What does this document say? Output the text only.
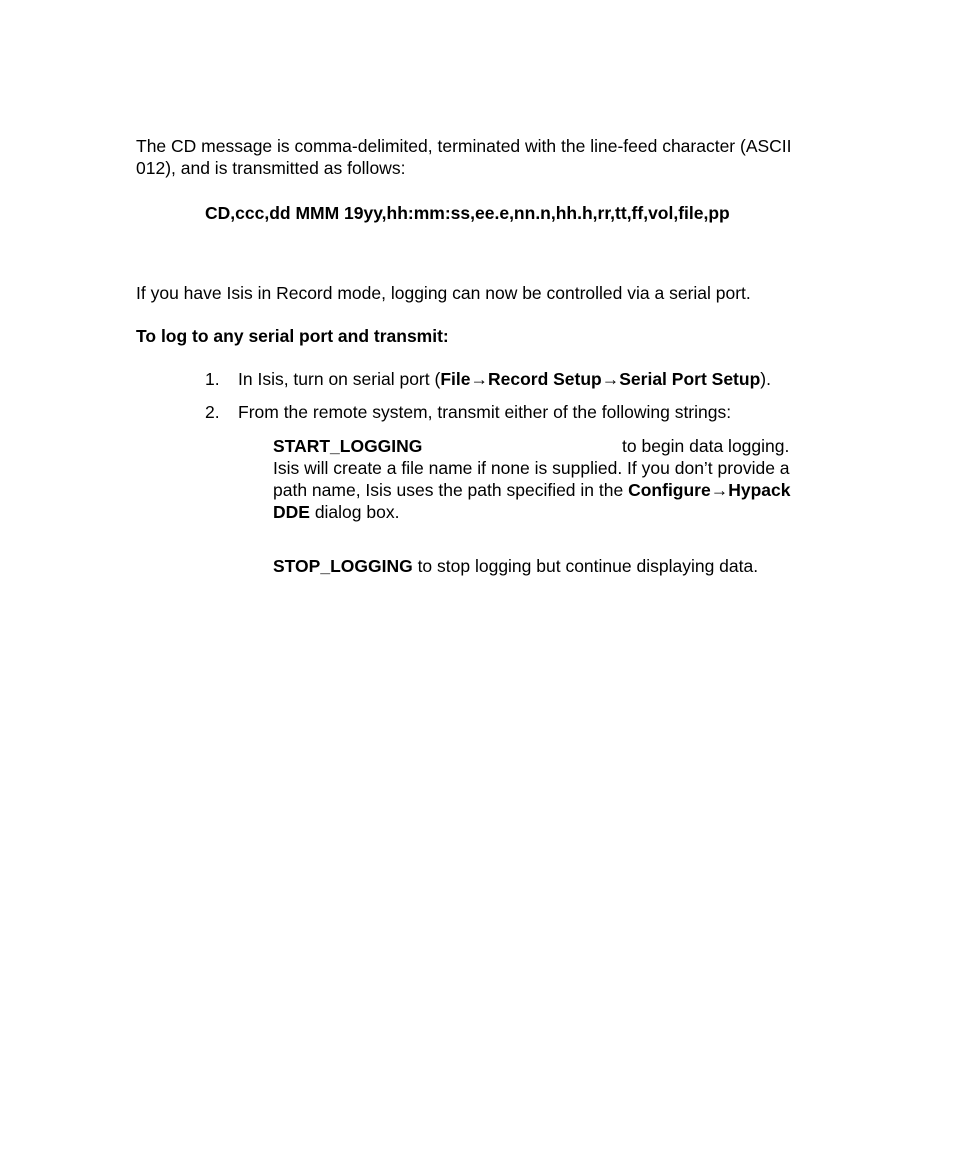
The CD message is comma-delimited, terminated with the line-feed character (ASCII 012), and is transmitted as follows:

CD,ccc,dd MMM 19yy,hh:mm:ss,ee.e,nn.n,hh.h,rr,tt,ff,vol,file,pp

If you have Isis in Record mode, logging can now be controlled via a serial port.

To log to any serial port and transmit:

1. In Isis, turn on serial port (File→Record Setup→Serial Port Setup).
2. From the remote system, transmit either of the following strings:
START_LOGGING	to begin data logging.
Isis will create a file name if none is supplied. If you don’t provide a path name, Isis uses the path specified in the Configure→Hypack DDE dialog box.
STOP_LOGGING to stop logging but continue displaying data.
